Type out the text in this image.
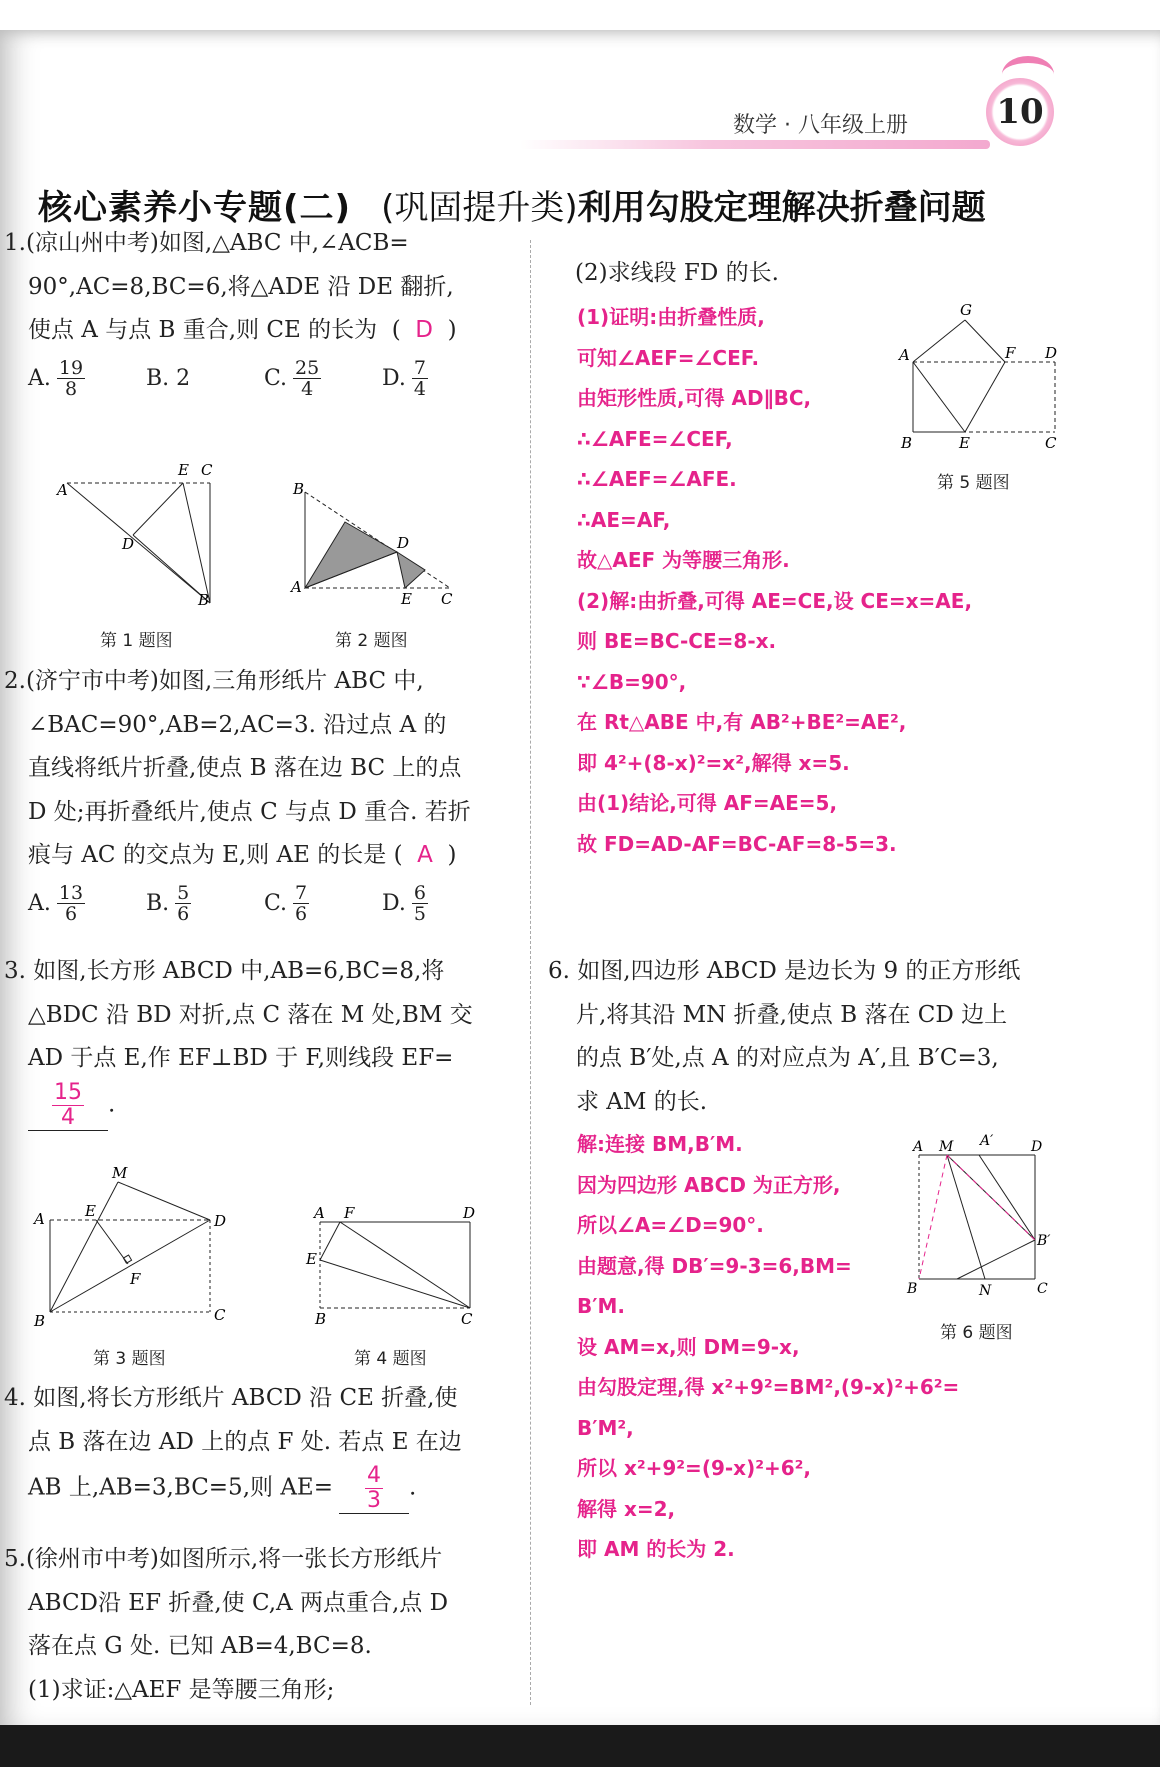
数学 · 八年级上册	10
核心素养小专题(二) (巩固提升类)利用勾股定理解决折叠问题

1.(凉山州中考)如图,△ABC 中,∠ACB=

90°,AC=8,BC=6,将△ADE 沿 DE 翻折,

使点 A 与点 B 重合,则 CE 的长为  (  D  )

A. $\frac{19}{8}$	B. 2	C. $\frac{25}{4}$	D. $\frac{7}{4}$
A
E C
D
B
第 1 题图
B
D
A
E C
第 2 题图

2.(济宁市中考)如图,三角形纸片 ABC 中,

∠BAC=90°,AB=2,AC=3. 沿过点 A 的

直线将纸片折叠,使点 B 落在边 BC 上的点

D 处;再折叠纸片,使点 C 与点 D 重合. 若折

痕与 AC 的交点为 E,则 AE 的长是 (  A  )

A. $\frac{13}{6}$	B. $\frac{5}{6}$	C. $\frac{7}{6}$	D. $\frac{6}{5}$

3. 如图,长方形 ABCD 中,AB=6,BC=8,将

△BDC 沿 BD 对折,点 C 落在 M 处,BM 交

AD 于点 E,作 EF⊥BD 于 F,则线段 EF=

$\frac{15}{4}$ .

A	E
M
D
F
B	C
第 3 题图
A F	D
E
B	C
第 4 题图

4. 如图,将长方形纸片 ABCD 沿 CE 折叠,使

点 B 落在边 AD 上的点 F 处. 若点 E 在边

AB 上,AB=3,BC=5,则 $AE= \frac{4}{3}$ .

5.(徐州市中考)如图所示,将一张长方形纸片

ABCD沿 EF 折叠,使 C,A 两点重合,点 D

落在点 G 处. 已知 AB=4,BC=8.

(1)求证:△AEF 是等腰三角形;

(2)求线段 FD 的长.

(1)证明:由折叠性质,

可知∠AEF=∠CEF.

由矩形性质,可得 AD∥BC,

∴∠AFE=∠CEF,

∴∠AEF=∠AFE.

∴AE=AF,

故△AEF 为等腰三角形.

(2)解:由折叠,可得 AE=CE,设 CE=x=AE,

则 BE=BC-CE=8-x.

∵∠B=90°,

在 Rt△ABE 中,有 AB²+BE²=AE²,

即 4²+(8-x)²=x²,解得 x=5.

由(1)结论,可得 AF=AE=5,

故 FD=AD-AF=BC-AF=8-5=3.

G
A	F D
B	E	C
第 5 题图

6. 如图,四边形 ABCD 是边长为 9 的正方形纸

片,将其沿 MN 折叠,使点 B 落在 CD 边上

的点 B′处,点 A 的对应点为 A′,且 B′C=3,

求 AM 的长.

解:连接 BM,B′M.

因为四边形 ABCD 为正方形,

所以∠A=∠D=90°.

由题意,得 DB′=9-3=6,BM=

B′M.

设 AM=x,则 DM=9-x,

由勾股定理,得 x²+9²=BM²,(9-x)²+6²=

B′M²,

所以 x²+9²=(9-x)²+6²,

解得 x=2,

即 AM 的长为 2.

A M A′	D
B′
B	N	C
第 6 题图
